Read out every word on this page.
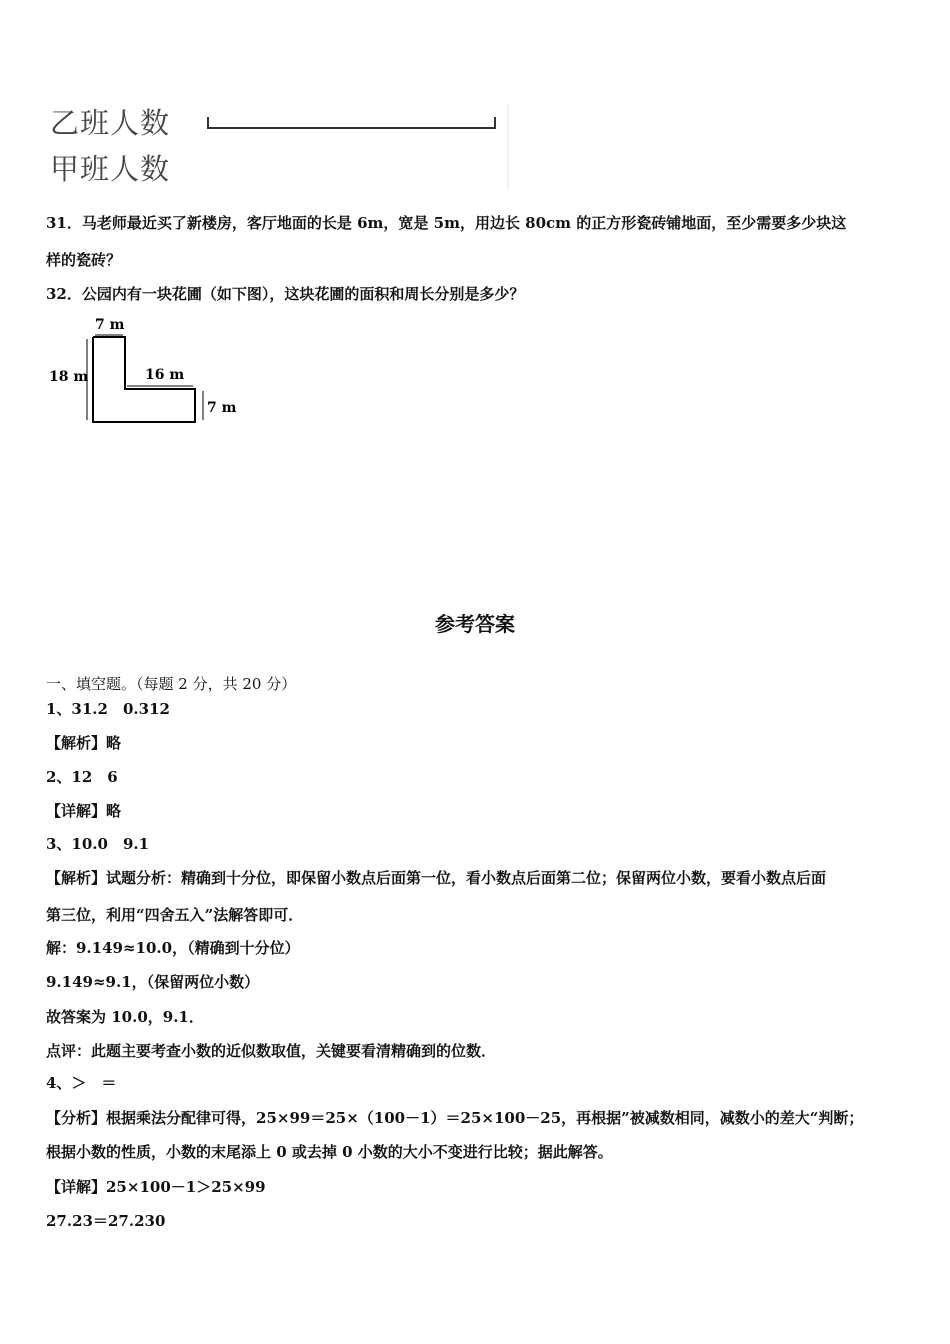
乙班人数
甲班人数
31．马老师最近买了新楼房，客厅地面的长是 6m，宽是 5m，用边长 80cm 的正方形瓷砖铺地面，至少需要多少块这
样的瓷砖？
32．公园内有一块花圃（如下图），这块花圃的面积和周长分别是多少？
7 m
18 m	16 m
7 m
参考答案
一、填空题。（每题 2 分，共 20 分）
1、31.2　0.312
【解析】略
2、12　6
【详解】略
3、10.0　9.1
【解析】试题分析：精确到十分位，即保留小数点后面第一位，看小数点后面第二位；保留两位小数，要看小数点后面
第三位，利用“四舍五入”法解答即可．
解：9.149≈10.0，（精确到十分位）
9.149≈9.1，（保留两位小数）
故答案为 10.0，9.1．
点评：此题主要考查小数的近似数取值，关键要看清精确到的位数．
4、＞　＝
【分析】根据乘法分配律可得，25×99＝25×（100－1）＝25×100－25，再根据”被减数相同，减数小的差大“判断；
根据小数的性质，小数的末尾添上 0 或去掉 0 小数的大小不变进行比较；据此解答。
【详解】25×100－1＞25×99
27.23＝27.230
